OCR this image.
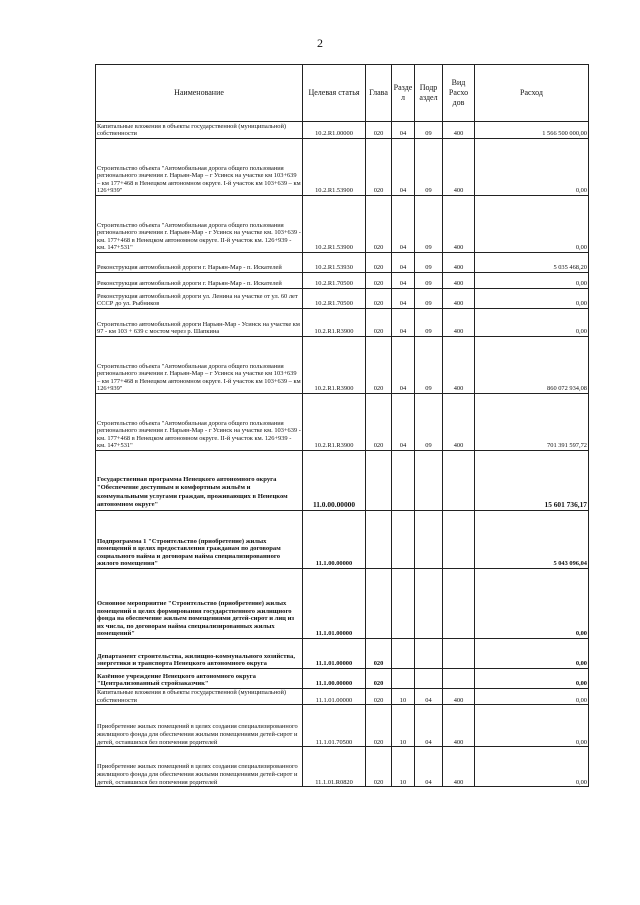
2
Наименование	Целевая статья	Глава	Разде л	Подр аздел	Вид Расхо дов	Расход
Капитальные вложения в объекты государственной (муниципальной) собственности	10.2.R1.00000	020	04	09	400	1 566 500 000,00
Строительство объекта "Автомобильная дорога общего пользования регионального значения г. Нарьян-Мар – г Усинск на участке км 103+639 – км 177+468 в Ненецком автономном округе. I-й участок км 103+639 – км 126+939"	10.2.R1.53900	020	04	09	400	0,00
Строительство объекта "Автомобильная дорога общего пользования регионального значения г. Нарьян-Мар - г Усинск на участке км. 103+639 - км. 177+468 в Ненецком автономном округе. II-й участок км. 126+939 - км. 147+531"	10.2.R1.53900	020	04	09	400	0,00
Реконструкция автомобильной дороги г. Нарьян-Мар - п. Искателей	10.2.R1.53930	020	04	09	400	5 035 468,20
Реконструкция автомобильной дороги г. Нарьян-Мар - п. Искателей	10.2.R1.70500	020	04	09	400	0,00
Реконструкция автомобильной дороги ул. Ленина на участке от ул. 60 лет СССР до ул. Рыбников	10.2.R1.70500	020	04	09	400	0,00
Строительство автомобильной дороги Нарьян-Мар - Усинск на участке км 97 - км 103 + 639 с мостом через р. Шапкина	10.2.R1.R3900	020	04	09	400	0,00
Строительство объекта "Автомобильная дорога общего пользования регионального значения г. Нарьян-Мар – г Усинск на участке км 103+639 – км 177+468 в Ненецком автономном округе. I-й участок км 103+639 – км 126+939"	10.2.R1.R3900	020	04	09	400	860 072 934,08
Строительство объекта "Автомобильная дорога общего пользования регионального значения г. Нарьян-Мар - г Усинск на участке км. 103+639 - км. 177+468 в Ненецком автономном округе. II-й участок км. 126+939 - км. 147+531"	10.2.R1.R3900	020	04	09	400	701 391 597,72
Государственная программа Ненецкого автономного округа "Обеспечение доступным и комфортным жильём и коммунальными услугами граждан, проживающих в Ненецком автономном округе"	11.0.00.00000					15 601 736,17
Подпрограмма 1 "Строительство (приобретение) жилых помещений в целях предоставления гражданам по договорам социального найма и договорам найма специализированного жилого помещения"	11.1.00.00000					5 043 096,04
Основное мероприятие "Строительство (приобретение) жилых помещений в целях формирования государственного жилищного фонда на обеспечение жильем помещениями детей-сирот и лиц из их числа, по договорам найма специализированных жилых помещений"	11.1.01.00000					0,00
Департамент строительства, жилищно-коммунального хозяйства, энергетики и транспорта Ненецкого автономного округа	11.1.01.00000	020				0,00
Казённое учреждение Ненецкого автономного округа "Централизованный стройзаказчик"	11.1.00.00000	020				0,00
Капитальные вложения в объекты государственной (муниципальной) собственности	11.1.01.00000	020	10	04	400	0,00
Приобретение жилых помещений в целях создания специализированного жилищного фонда для обеспечения жилыми помещениями детей-сирот и детей, оставшихся без попечения родителей	11.1.01.70500	020	10	04	400	0,00
Приобретение жилых помещений в целях создания специализированного жилищного фонда для обеспечения жилыми помещениями детей-сирот и детей, оставшихся без попечения родителей	11.1.01.R0820	020	10	04	400	0,00
